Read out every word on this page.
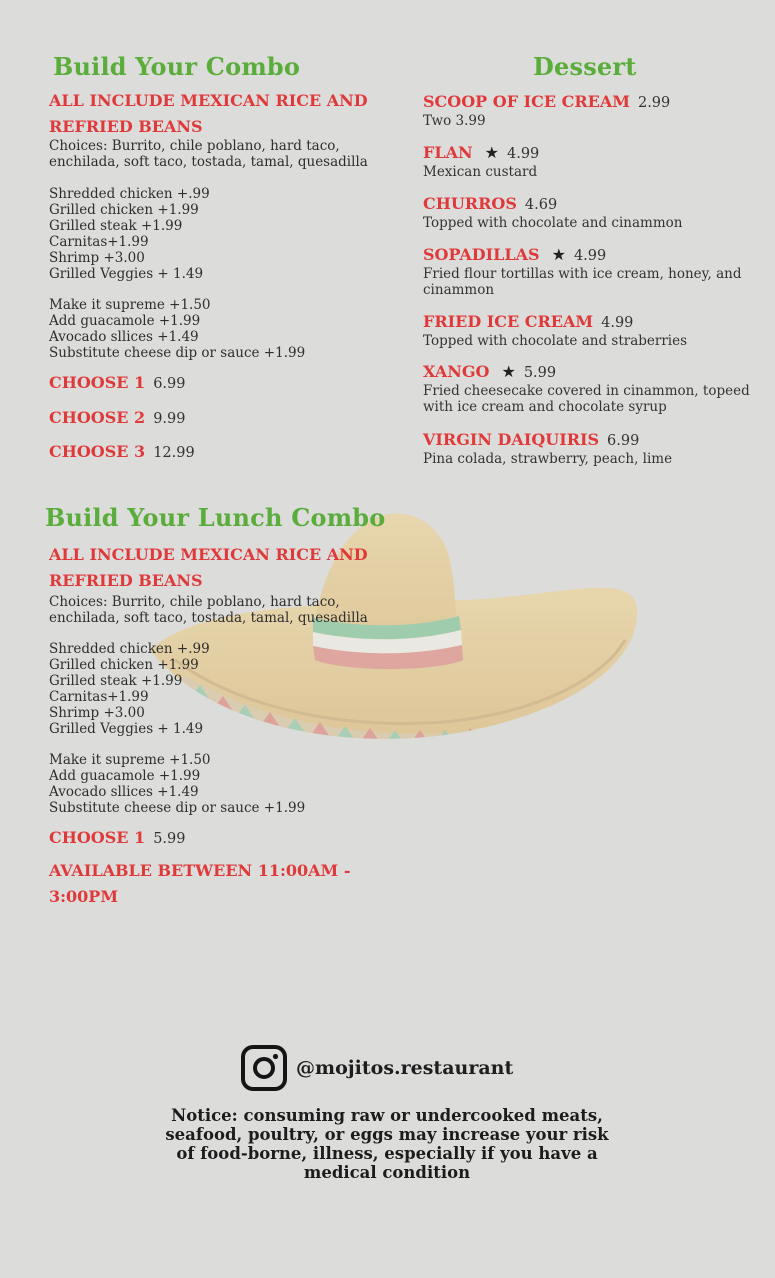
Build Your Combo
ALL INCLUDE MEXICAN RICE AND
REFRIED BEANS
Choices: Burrito, chile poblano, hard taco,
enchilada, soft taco, tostada, tamal, quesadilla
Shredded chicken +.99
Grilled chicken +1.99
Grilled steak +1.99
Carnitas+1.99
Shrimp +3.00
Grilled Veggies + 1.49
Make it supreme +1.50
Add guacamole +1.99
Avocado sllices +1.49
Substitute cheese dip or sauce +1.99
CHOOSE 1 6.99
CHOOSE 2 9.99
CHOOSE 3 12.99
Build Your Lunch Combo
ALL INCLUDE MEXICAN RICE AND
REFRIED BEANS
Choices: Burrito, chile poblano, hard taco,
enchilada, soft taco, tostada, tamal, quesadilla
Shredded chicken +.99
Grilled chicken +1.99
Grilled steak +1.99
Carnitas+1.99
Shrimp +3.00
Grilled Veggies + 1.49
Make it supreme +1.50
Add guacamole +1.99
Avocado sllices +1.49
Substitute cheese dip or sauce +1.99
CHOOSE 1 5.99
AVAILABLE BETWEEN 11:00AM -
3:00PM
Dessert
SCOOP OF ICE CREAM 2.99
Two 3.99
FLAN ★ 4.99
Mexican custard
CHURROS 4.69
Topped with chocolate and cinammon
SOPADILLAS ★ 4.99
Fried flour tortillas with ice cream, honey, and cinammon
FRIED ICE CREAM 4.99
Topped with chocolate and straberries
XANGO ★ 5.99
Fried cheesecake covered in cinammon, topeed with ice cream and chocolate syrup
VIRGIN DAIQUIRIS 6.99
Pina colada, strawberry, peach, lime
@mojitos.restaurant
Notice: consuming raw or undercooked meats,
seafood, poultry, or eggs may increase your risk
of food-borne, illness, especially if you have a
medical condition
